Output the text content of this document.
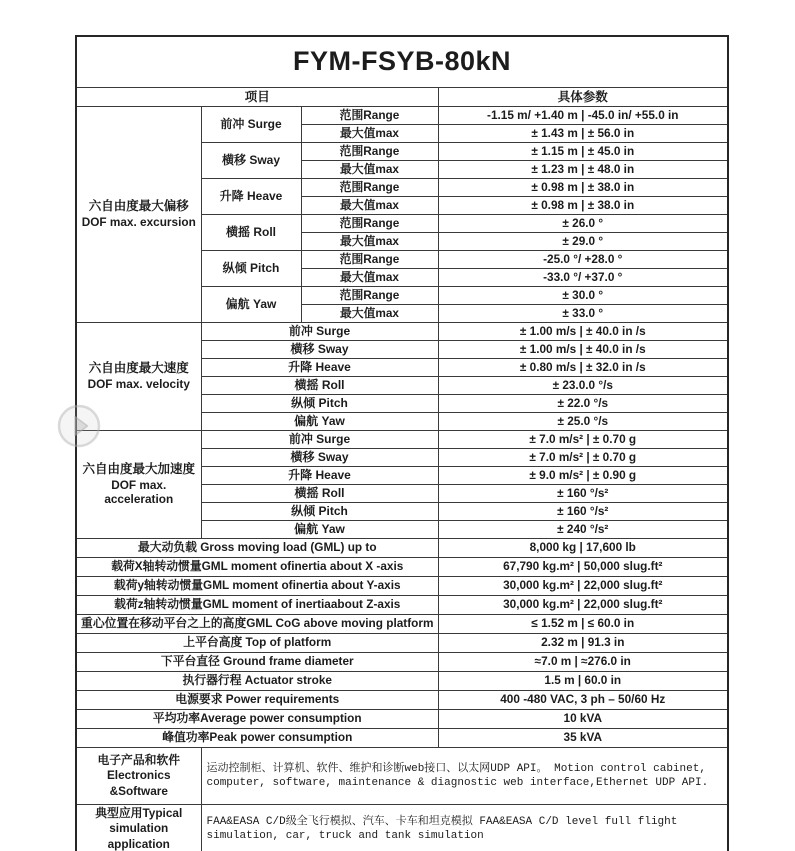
FYM-FSYB-80kN			
项目			具体参数

六自由度最大偏移
DOF max. excursion	前冲 Surge	范围Range	-1.15 m/ +1.40 m | -45.0 in/ +55.0 in
		最大值max	± 1.43 m | ± 56.0 in
	横移 Sway	范围Range	± 1.15 m | ± 45.0 in
		最大值max	± 1.23 m | ± 48.0 in
	升降 Heave	范围Range	± 0.98 m | ± 38.0 in
		最大值max	± 0.98 m | ± 38.0 in
	横摇 Roll	范围Range	± 26.0 °
		最大值max	± 29.0 °
	纵倾 Pitch	范围Range	-25.0 °/ +28.0 °
		最大值max	-33.0 °/ +37.0 °
	偏航 Yaw	范围Range	± 30.0 °
		最大值max	± 33.0 °

六自由度最大速度
DOF max. velocity	前冲 Surge		± 1.00 m/s | ± 40.0 in /s
	横移 Sway		± 1.00 m/s | ± 40.0 in /s
	升降 Heave		± 0.80 m/s | ± 32.0 in /s
	横摇 Roll		± 23.0.0 °/s
	纵倾 Pitch		± 22.0 °/s
	偏航 Yaw		± 25.0 °/s

六自由度最大加速度
DOF max. acceleration	前冲 Surge		± 7.0 m/s² | ± 0.70 g
	横移 Sway		± 7.0 m/s² | ± 0.70 g
	升降 Heave		± 9.0 m/s² | ± 0.90 g
	横摇 Roll		± 160 °/s²
	纵倾 Pitch		± 160 °/s²
	偏航 Yaw		± 240 °/s²
最大动负载 Gross moving load (GML) up to			8,000 kg | 17,600 lb
载荷X轴转动惯量GML moment ofinertia about X -axis			67,790 kg.m² | 50,000 slug.ft²
载荷y轴转动惯量GML moment ofinertia about Y-axis			30,000 kg.m² | 22,000 slug.ft²
载荷z轴转动惯量GML moment of inertiaabout Z-axis			30,000 kg.m² | 22,000 slug.ft²
重心位置在移动平台之上的高度GML CoG above moving platform			≤ 1.52 m | ≤ 60.0 in
上平台高度 Top of platform			2.32 m | 91.3 in
下平台直径 Ground frame diameter			≈7.0 m | ≈276.0 in
执行器行程 Actuator stroke			1.5 m | 60.0 in
电源要求 Power requirements			400 -480 VAC, 3 ph – 50/60 Hz
平均功率Average power consumption			10 kVA
峰值功率Peak power consumption			35 kVA

电子产品和软件
Electronics &Software	运动控制柜、计算机、软件、维护和诊断web接口、以太网UDP API。 Motion control cabinet, computer, software, maintenance & diagnostic web interface,Ethernet UDP API.		

典型应用Typical
simulation application	FAA&EASA C/D级全飞行模拟、汽车、卡车和坦克模拟 FAA&EASA C/D level full flight simulation, car, truck and tank simulation		
